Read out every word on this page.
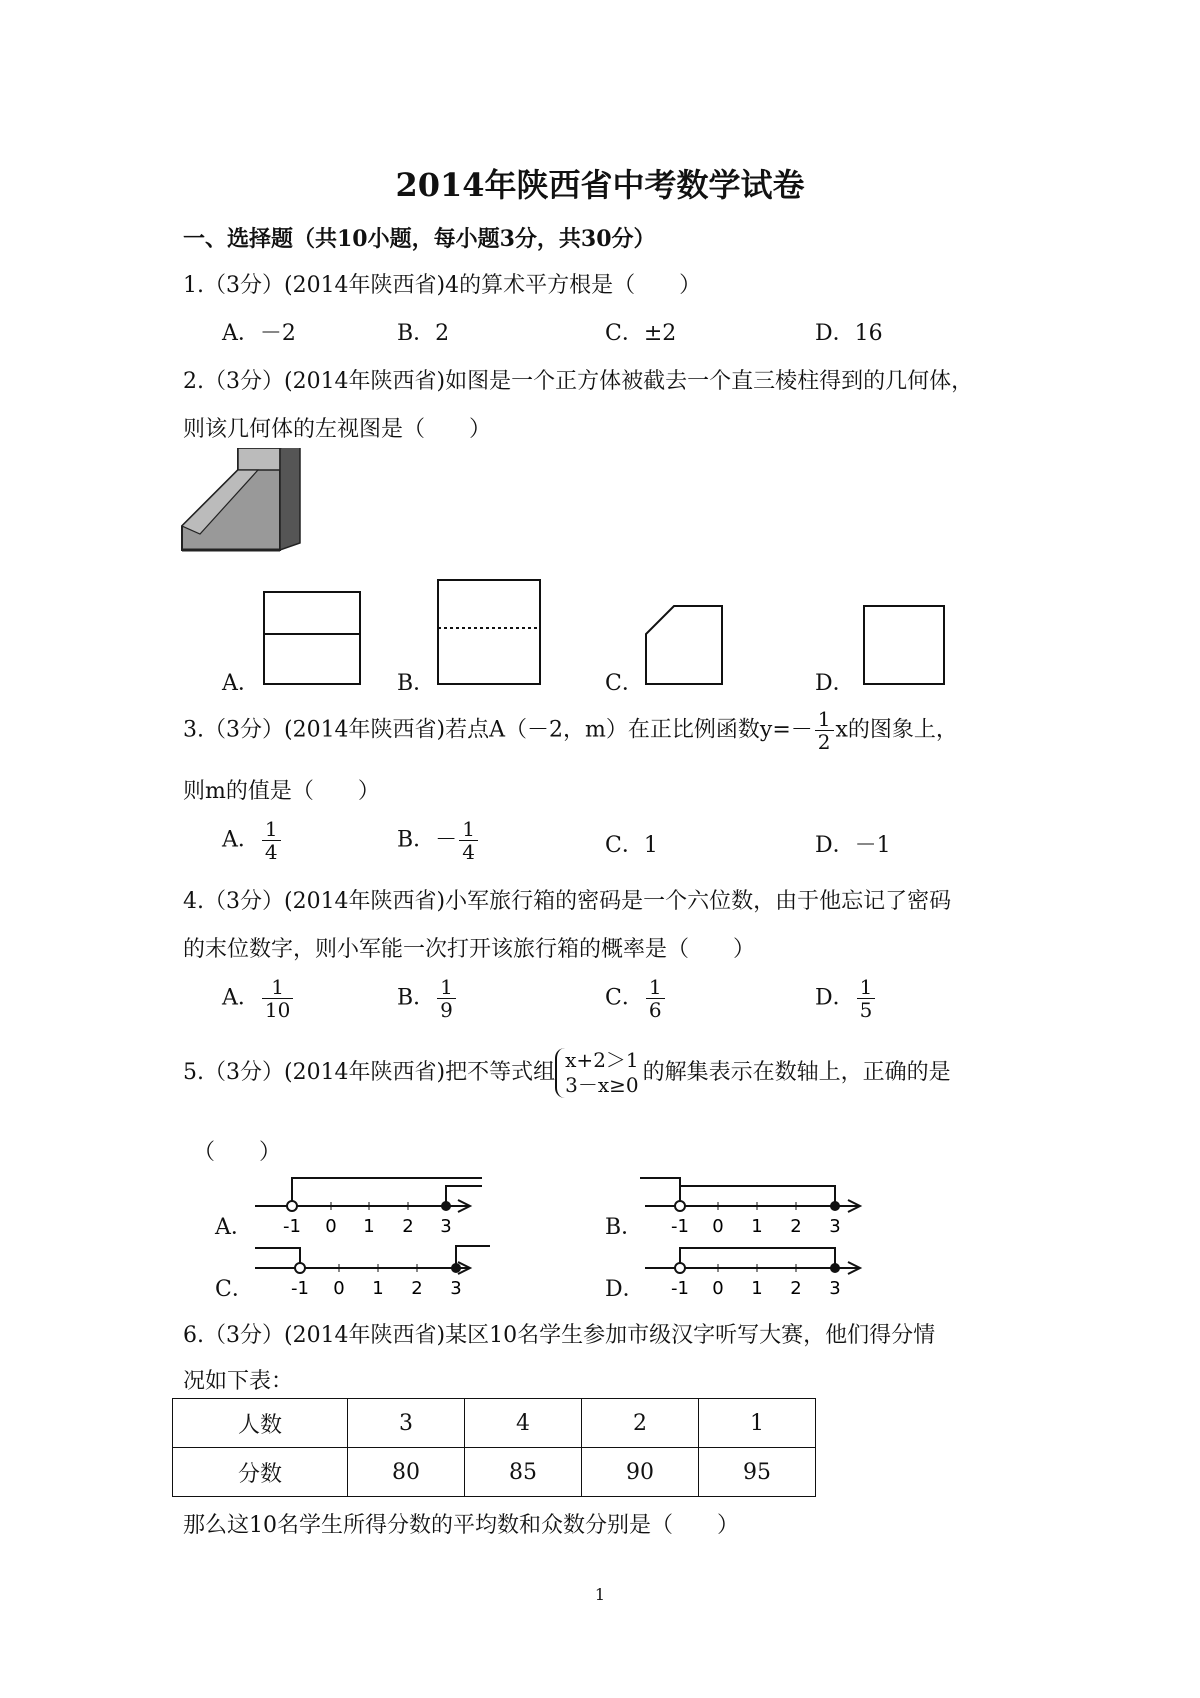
2014年陕西省中考数学试卷
一、选择题（共10小题，每小题3分，共30分）
1.（3分）(2014年陕西省)4的算术平方根是（　　）
A．－2	B．2	C．±2	D．16
2.（3分）(2014年陕西省)如图是一个正方体被截去一个直三棱柱得到的几何体，
则该几何体的左视图是（　　）
A．	B．	C．	D．
3.（3分）(2014年陕西省)若点A（－2，m）在正比例函数$y=- \frac{1}{2}$ x的图象上，
则m的值是（　　）
A． $\frac{1}{4}$	B．－ $\frac{1}{4}$	C．1	D．－1
4.（3分）(2014年陕西省)小军旅行箱的密码是一个六位数，由于他忘记了密码
的末位数字，则小军能一次打开该旅行箱的概率是（　　）
A． $\frac{1}{10}$	B． $\frac{1}{9}$	C． $\frac{1}{6}$	D． $\frac{1}{5}$
5.（3分）(2014年陕西省)把不等式组 x+2＞1
3－x≥0 的解集表示在数轴上，正确的是
（　　）
A．	B．
C．	D．
-1 0 1 2 3	-1 0 1 2 3
-1 0 1 2 3	-1 0 1 2 3
6.（3分）(2014年陕西省)某区10名学生参加市级汉字听写大赛，他们得分情
况如下表：
人数	3	4	2	1
分数	80	85	90	95
那么这10名学生所得分数的平均数和众数分别是（　　）
1
